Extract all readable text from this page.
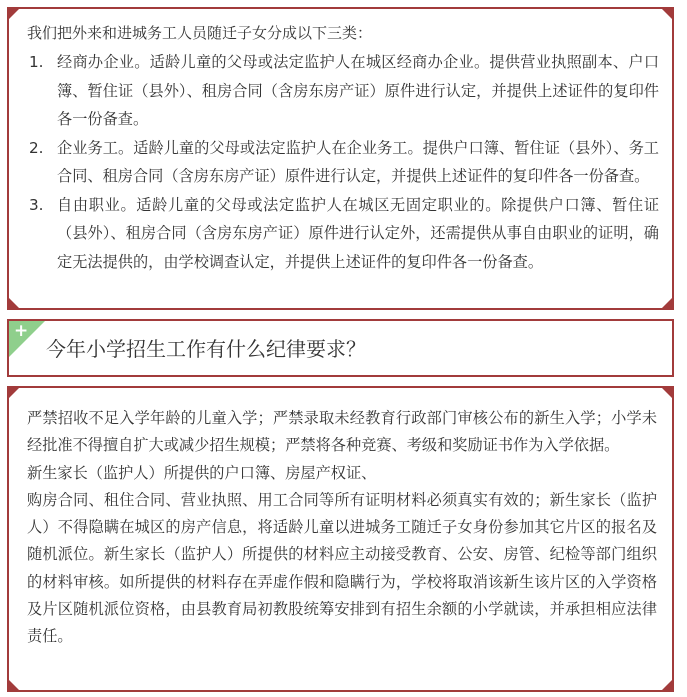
我们把外来和进城务工人员随迁子女分成以下三类：
1. 经商办企业。适龄儿童的父母或法定监护人在城区经商办企业。提供营业执照副本、户口簿、暂住证（县外）、租房合同（含房东房产证）原件进行认定，并提供上述证件的复印件各一份备查。
2. 企业务工。适龄儿童的父母或法定监护人在企业务工。提供户口簿、暂住证（县外）、务工合同、租房合同（含房东房产证）原件进行认定，并提供上述证件的复印件各一份备查。
3. 自由职业。适龄儿童的父母或法定监护人在城区无固定职业的。除提供户口簿、暂住证（县外）、租房合同（含房东房产证）原件进行认定外，还需提供从事自由职业的证明，确定无法提供的，由学校调查认定，并提供上述证件的复印件各一份备查。
+
今年小学招生工作有什么纪律要求？

严禁招收不足入学年龄的儿童入学；严禁录取未经教育行政部门审核公布的新生入学；小学未经批准不得擅自扩大或减少招生规模；严禁将各种竞赛、考级和奖励证书作为入学依据。

新生家长（监护人）所提供的户口簿、房屋产权证、

购房合同、租住合同、营业执照、用工合同等所有证明材料必须真实有效的；新生家长（监护人）不得隐瞒在城区的房产信息，将适龄儿童以进城务工随迁子女身份参加其它片区的报名及随机派位。新生家长（监护人）所提供的材料应主动接受教育、公安、房管、纪检等部门组织的材料审核。如所提供的材料存在弄虚作假和隐瞒行为，学校将取消该新生该片区的入学资格及片区随机派位资格，由县教育局初教股统筹安排到有招生余额的小学就读，并承担相应法律责任。
